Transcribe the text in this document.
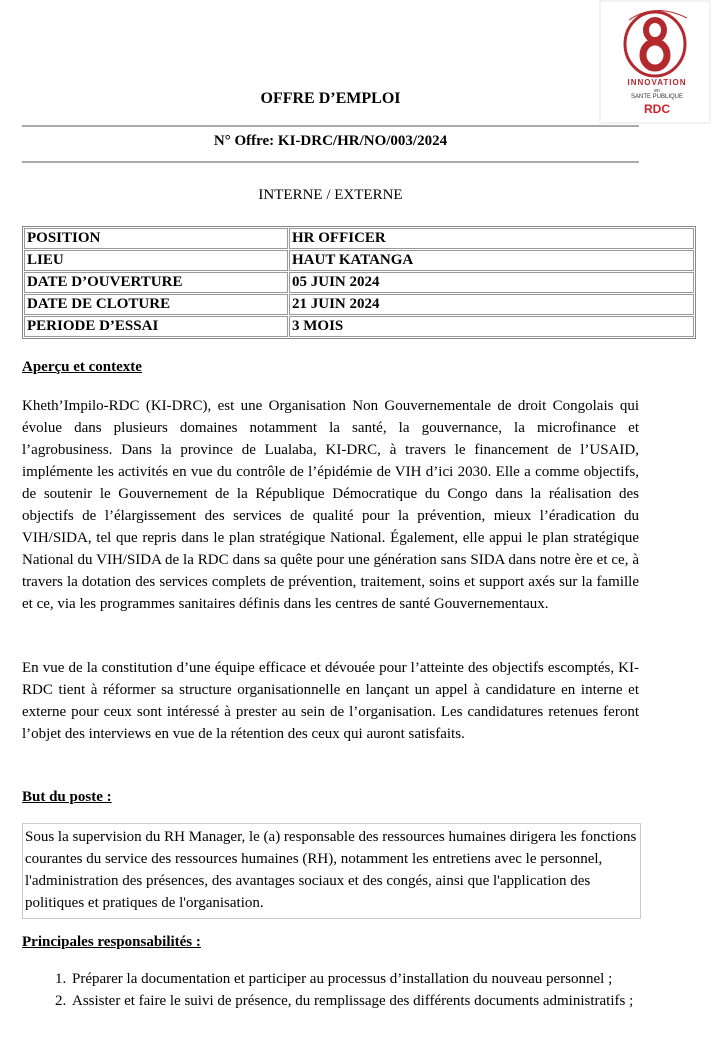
INNOVATION
en
SANTE PUBLIQUE
RDC
OFFRE D’EMPLOI
N° Offre: KI-DRC/HR/NO/003/2024
INTERNE / EXTERNE
POSITION	HR OFFICER
LIEU	HAUT KATANGA
DATE D’OUVERTURE	05 JUIN 2024
DATE DE CLOTURE	21 JUIN 2024
PERIODE D’ESSAI	3 MOIS
Aperçu et contexte
Kheth’Impilo-RDC (KI-DRC), est une Organisation Non Gouvernementale de droit Congolais qui évolue dans plusieurs domaines notamment la santé, la gouvernance, la microfinance et l’agrobusiness. Dans la province de Lualaba, KI-DRC, à travers le financement de l’USAID, implémente les activités en vue du contrôle de l’épidémie de VIH d’ici 2030. Elle a comme objectifs, de soutenir le Gouvernement de la République Démocratique du Congo dans la réalisation des objectifs de l’élargissement des services de qualité pour la prévention, mieux l’éradication du VIH/SIDA, tel que repris dans le plan stratégique National. Également, elle appui le plan stratégique National du VIH/SIDA de la RDC dans sa quête pour une génération sans SIDA dans notre ère et ce, à travers la dotation des services complets de prévention, traitement, soins et support axés sur la famille et ce, via les programmes sanitaires définis dans les centres de santé Gouvernementaux.
En vue de la constitution d’une équipe efficace et dévouée pour l’atteinte des objectifs escomptés, KI-RDC tient à réformer sa structure organisationnelle en lançant un appel à candidature en interne et externe pour ceux sont intéressé à prester au sein de l’organisation. Les candidatures retenues feront l’objet des interviews en vue de la rétention des ceux qui auront satisfaits.
But du poste :
Sous la supervision du RH Manager, le (a) responsable des ressources humaines dirigera les fonctions courantes du service des ressources humaines (RH), notamment les entretiens avec le personnel, l'administration des présences, des avantages sociaux et des congés, ainsi que l'application des politiques et pratiques de l'organisation.
Principales responsabilités :
1. Préparer la documentation et participer au processus d’installation du nouveau personnel ;
2. Assister et faire le suivi de présence, du remplissage des différents documents administratifs ;
